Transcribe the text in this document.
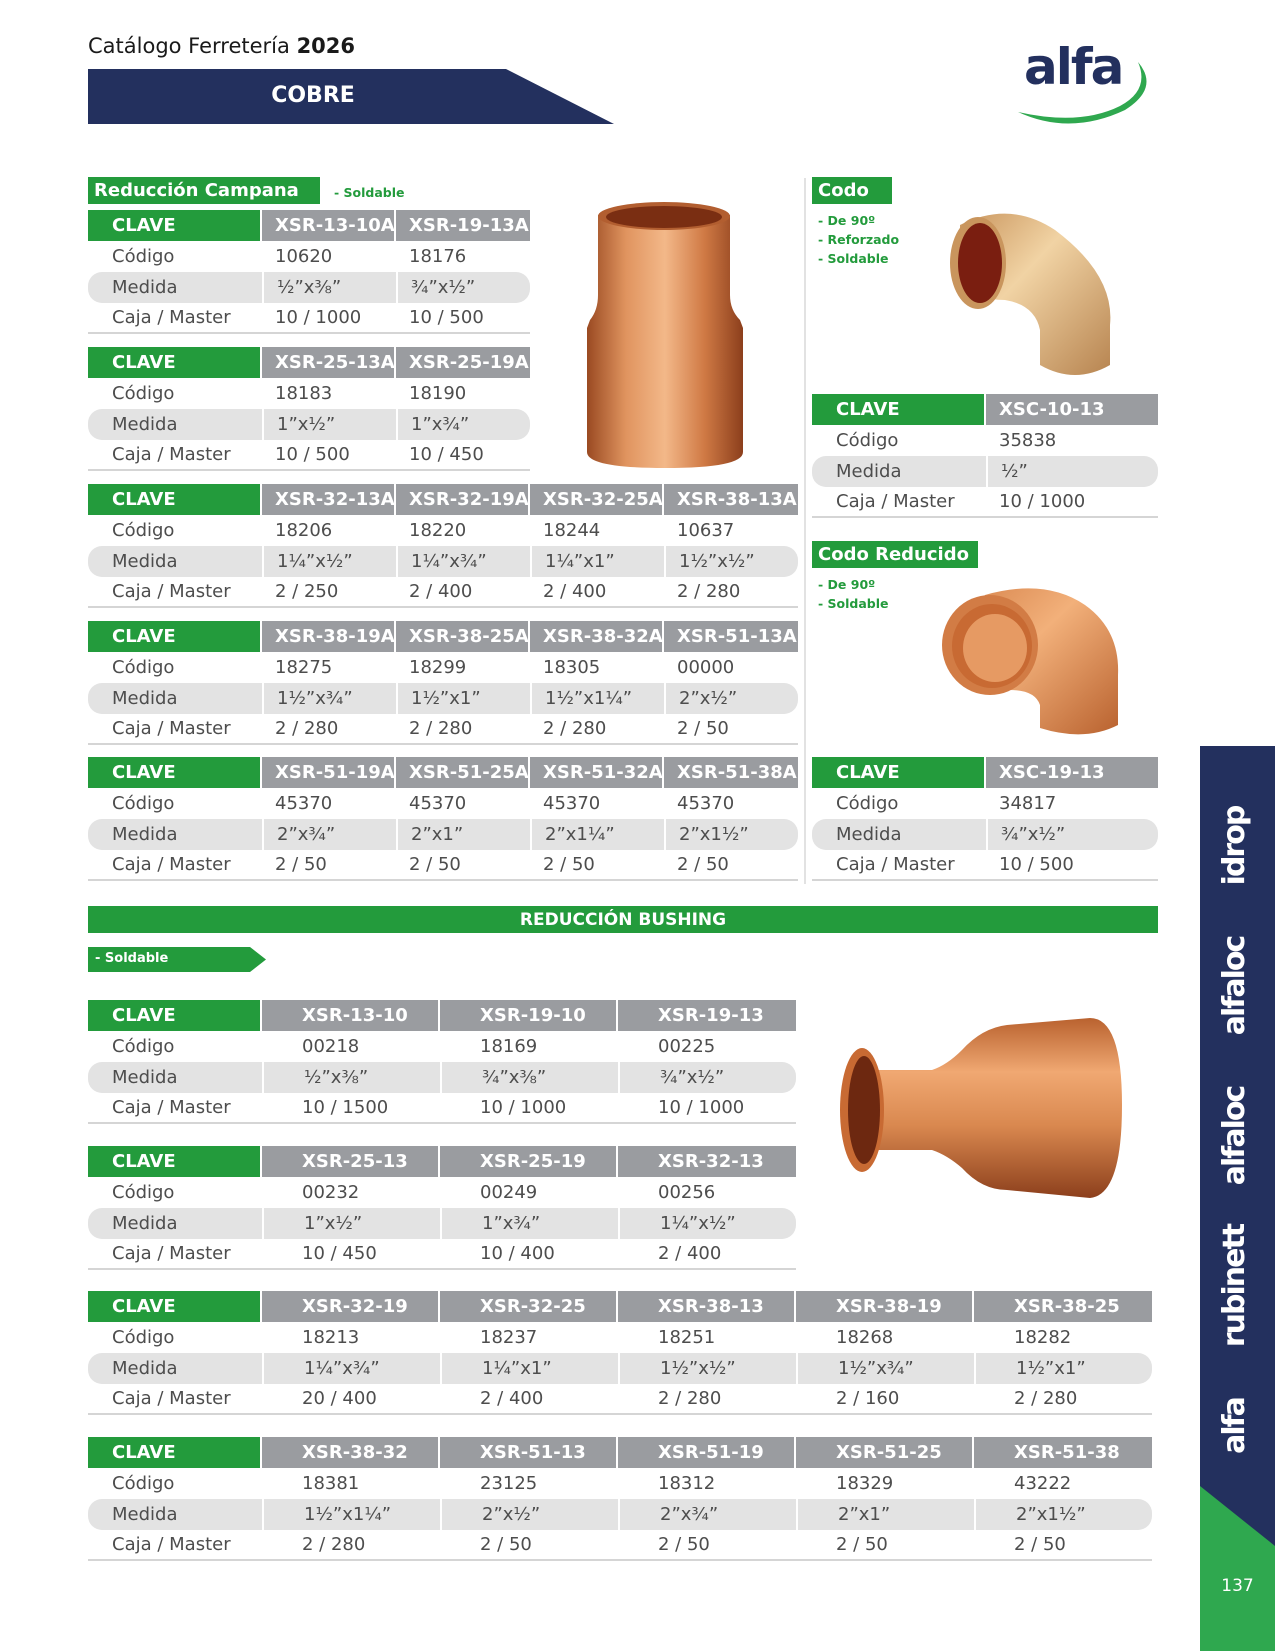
Catálogo Ferretería 2026
COBRE	alfa
Reducción Campana	- Soldable
CLAVE	XSR-13-10A	XSR-19-13A
Código	10620	18176
Medida	½”x⅜”	¾”x½”
Caja / Master	10 / 1000	10 / 500
CLAVE	XSR-25-13A	XSR-25-19A
Código	18183	18190
Medida	1”x½”	1”x¾”
Caja / Master	10 / 500	10 / 450
CLAVE	XSR-32-13A	XSR-32-19A	XSR-32-25A	XSR-38-13A
Código	18206	18220	18244	10637
Medida	1¼”x½”	1¼”x¾”	1¼”x1”	1½”x½”
Caja / Master	2 / 250	2 / 400	2 / 400	2 / 280
CLAVE	XSR-38-19A	XSR-38-25A	XSR-38-32A	XSR-51-13A
Código	18275	18299	18305	00000
Medida	1½”x¾”	1½”x1”	1½”x1¼”	2”x½”
Caja / Master	2 / 280	2 / 280	2 / 280	2 / 50
CLAVE	XSR-51-19A	XSR-51-25A	XSR-51-32A	XSR-51-38A
Código	45370	45370	45370	45370
Medida	2”x¾”	2”x1”	2”x1¼”	2”x1½”
Caja / Master	2 / 50	2 / 50	2 / 50	2 / 50
Codo
- De 90º
- Reforzado
- Soldable
CLAVE	XSC-10-13
Código	35838
Medida	½”
Caja / Master	10 / 1000
Codo Reducido
- De 90º
- Soldable
CLAVE	XSC-19-13
Código	34817
Medida	¾”x½”
Caja / Master	10 / 500
REDUCCIÓN BUSHING
- Soldable
CLAVE	XSR-13-10	XSR-19-10	XSR-19-13
Código	00218	18169	00225
Medida	½”x⅜”	¾”x⅜”	¾”x½”
Caja / Master	10 / 1500	10 / 1000	10 / 1000
CLAVE	XSR-25-13	XSR-25-19	XSR-32-13
Código	00232	00249	00256
Medida	1”x½”	1”x¾”	1¼”x½”
Caja / Master	10 / 450	10 / 400	2 / 400
CLAVE	XSR-32-19	XSR-32-25	XSR-38-13	XSR-38-19	XSR-38-25
Código	18213	18237	18251	18268	18282
Medida	1¼”x¾”	1¼”x1”	1½”x½”	1½”x¾”	1½”x1”
Caja / Master	20 / 400	2 / 400	2 / 280	2 / 160	2 / 280
CLAVE	XSR-38-32	XSR-51-13	XSR-51-19	XSR-51-25	XSR-51-38
Código	18381	23125	18312	18329	43222
Medida	1½”x1¼”	2”x½”	2”x¾”	2”x1”	2”x1½”
Caja / Master	2 / 280	2 / 50	2 / 50	2 / 50	2 / 50
idrop
alfaloc
alfaloc
rubinett
alfa
137
